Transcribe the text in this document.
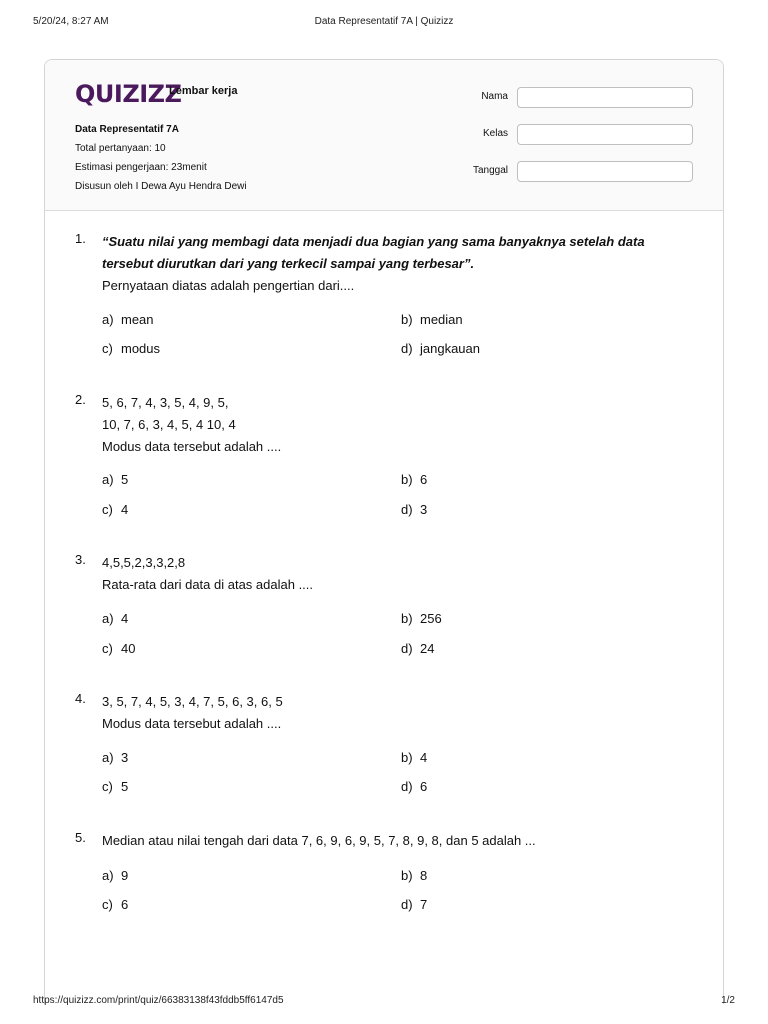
5/20/24, 8:27 AM	Data Representatif 7A | Quizizz
QUIZIZZ
Lembar kerja
Data Representatif 7A
Total pertanyaan: 10
Estimasi pengerjaan: 23menit
Disusun oleh I Dewa Ayu Hendra Dewi
Nama
Kelas
Tanggal
1. “Suatu nilai yang membagi data menjadi dua bagian yang sama banyaknya setelah data
tersebut diurutkan dari yang terkecil sampai yang terbesar”.
Pernyataan diatas adalah pengertian dari....
a) mean	b) median
c) modus	d) jangkauan
2. 5, 6, 7, 4, 3, 5, 4, 9, 5,
10, 7, 6, 3, 4, 5, 4 10, 4
Modus data tersebut adalah ....
a) 5	b) 6
c) 4	d) 3
3. 4,5,5,2,3,3,2,8
Rata-rata dari data di atas adalah ....
a) 4	b) 256
c) 40	d) 24
4. 3, 5, 7, 4, 5, 3, 4, 7, 5, 6, 3, 6, 5
Modus data tersebut adalah ....
a) 3	b) 4
c) 5	d) 6
5. Median atau nilai tengah dari data 7, 6, 9, 6, 9, 5, 7, 8, 9, 8, dan 5 adalah ...
a) 9	b) 8
c) 6	d) 7
https://quizizz.com/print/quiz/66383138f43fddb5ff6147d5	1/2
